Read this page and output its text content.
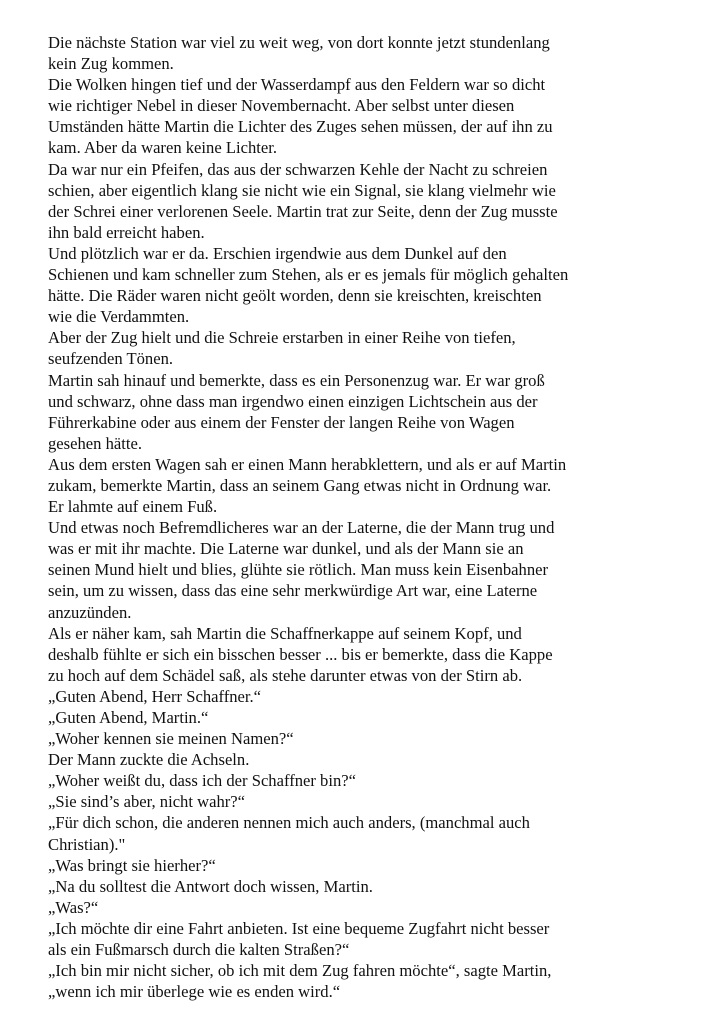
Die nächste Station war viel zu weit weg, von dort konnte jetzt stundenlang
kein Zug kommen.
Die Wolken hingen tief und der Wasserdampf aus den Feldern war so dicht
wie richtiger Nebel in dieser Novembernacht. Aber selbst unter diesen
Umständen hätte Martin die Lichter des Zuges sehen müssen, der auf ihn zu
kam. Aber da waren keine Lichter.
Da war nur ein Pfeifen, das aus der schwarzen Kehle der Nacht zu schreien
schien, aber eigentlich klang sie nicht wie ein Signal, sie klang vielmehr wie
der Schrei einer verlorenen Seele. Martin trat zur Seite, denn der Zug musste
ihn bald erreicht haben.
Und plötzlich war er da. Erschien irgendwie aus dem Dunkel auf den
Schienen und kam schneller zum Stehen, als er es jemals für möglich gehalten
hätte. Die Räder waren nicht geölt worden, denn sie kreischten, kreischten
wie die Verdammten.
Aber der Zug hielt und die Schreie erstarben in einer Reihe von tiefen,
seufzenden Tönen.
Martin sah hinauf und bemerkte, dass es ein Personenzug war. Er war groß
und schwarz, ohne dass man irgendwo einen einzigen Lichtschein aus der
Führerkabine oder aus einem der Fenster der langen Reihe von Wagen
gesehen hätte.
Aus dem ersten Wagen sah er einen Mann herabklettern, und als er auf Martin
zukam, bemerkte Martin, dass an seinem Gang etwas nicht in Ordnung war.
Er lahmte auf einem Fuß.
Und etwas noch Befremdlicheres war an der Laterne, die der Mann trug und
was er mit ihr machte. Die Laterne war dunkel, und als der Mann sie an
seinen Mund hielt und blies, glühte sie rötlich. Man muss kein Eisenbahner
sein, um zu wissen, dass das eine sehr merkwürdige Art war, eine Laterne
anzuzünden.
Als er näher kam, sah Martin die Schaffnerkappe auf seinem Kopf, und
deshalb fühlte er sich ein bisschen besser ... bis er bemerkte, dass die Kappe
zu hoch auf dem Schädel saß, als stehe darunter etwas von der Stirn ab.
„Guten Abend, Herr Schaffner.“
„Guten Abend, Martin.“
„Woher kennen sie meinen Namen?“
Der Mann zuckte die Achseln.
„Woher weißt du, dass ich der Schaffner bin?“
„Sie sind’s aber, nicht wahr?“
„Für dich schon, die anderen nennen mich auch anders, (manchmal auch
Christian)."
„Was bringt sie hierher?“
„Na du solltest die Antwort doch wissen, Martin.
„Was?“
„Ich möchte dir eine Fahrt anbieten. Ist eine bequeme Zugfahrt nicht besser
als ein Fußmarsch durch die kalten Straßen?“
„Ich bin mir nicht sicher, ob ich mit dem Zug fahren möchte“, sagte Martin,
„wenn ich mir überlege wie es enden wird.“
